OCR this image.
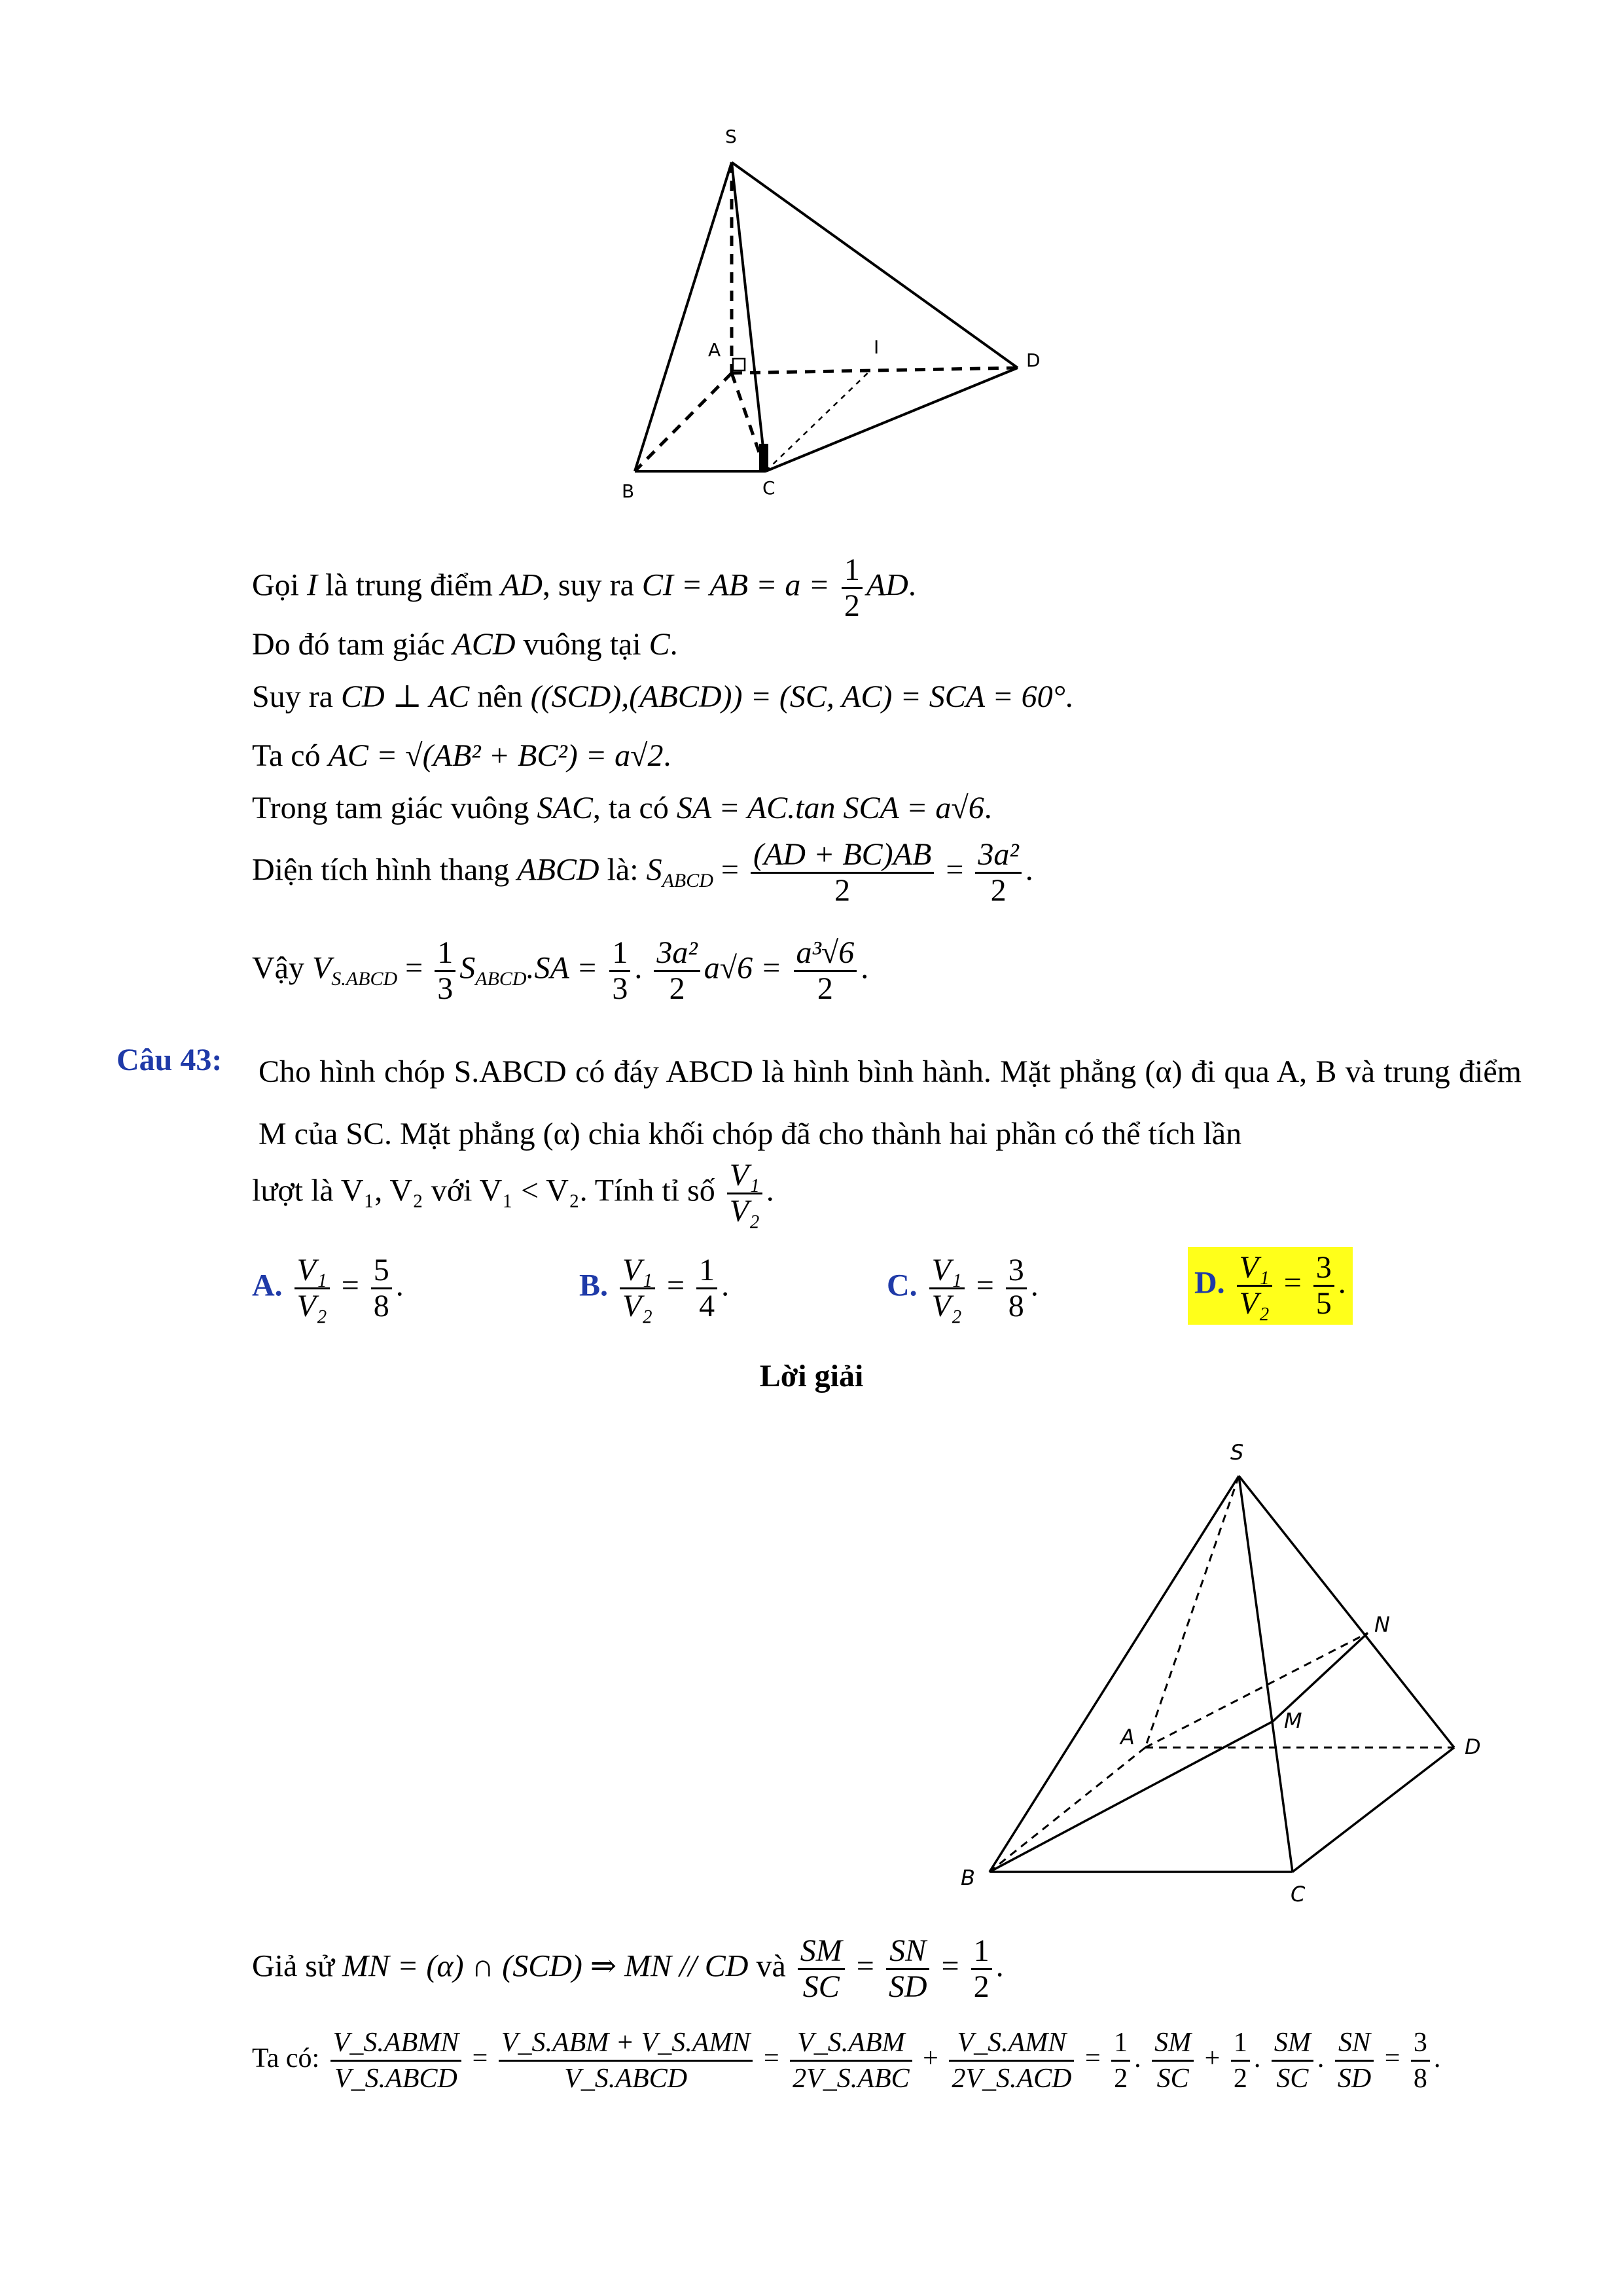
S
A	I
D
B	C
Gọi I là trung điểm AD, suy ra CI = AB = $a = \frac{1}{2}$ AD.
Do đó tam giác ACD vuông tại C.
Suy ra CD ⊥ AC nên ((SCD),(ABCD)) = (SC, AC) = SCA = 60°.
Ta có AC = √(AB² + BC²) = a√2.
Trong tam giác vuông SAC, ta có SA = AC.tan SCA = a√6.
Diện tích hình thang ABCD là: $S_{ABCD} = \frac{(AD + BC)AB}{2} = \frac{\text{3a²}}{2}$ .
Vậy $V_{S.ABCD} = \frac{1}{3} S_{ABCD}.SA = \frac{1}{3}$ . $\frac{\text{3a²}}{2} a√6 = \frac{\text{a³√6}}{2}$ .
Câu 43: Cho hình chóp S.ABCD có đáy ABCD là hình bình hành. Mặt phẳng (α) đi qua A, B và trung điểm M của SC. Mặt phẳng (α) chia khối chóp đã cho thành hai phần có thể tích lần
lượt là V₁, V₂ với V₁ < V₂. Tính tỉ số $\frac{\text{V₁}}{\text{V₂}}$ .
A. $\frac{\text{V₁}}{\text{V₂}} = \frac{5}{8}$ .	B. $\frac{\text{V₁}}{\text{V₂}} = \frac{1}{4}$ .	C. $\frac{\text{V₁}}{\text{V₂}} = \frac{3}{8}$ .	D. $\frac{\text{V₁}}{\text{V₂}} = \frac{3}{5}$ .
Lời giải
S
N
A
M
D
B
C
Giả sử MN = (α) ∩ (SCD) ⇒ MN // CD và $\frac{SM}{SC} = \frac{SN}{SD} = \frac{1}{2}$ .
Ta có: $\frac{\text{V\_S.ABMN}}{\text{V\_S.ABCD}} = \frac{\text{V\_S.ABM + V\_S.AMN}}{\text{V\_S.ABCD}} = \frac{\text{V\_S.ABM}}{\text{2V\_S.ABC}} + \frac{\text{V\_S.AMN}}{\text{2V\_S.ACD}} = \frac{1}{2}$ . $\frac{SM}{SC} + \frac{1}{2}$ . $\frac{SM}{SC}$ . $\frac{SN}{SD} = \frac{3}{8}$ .
